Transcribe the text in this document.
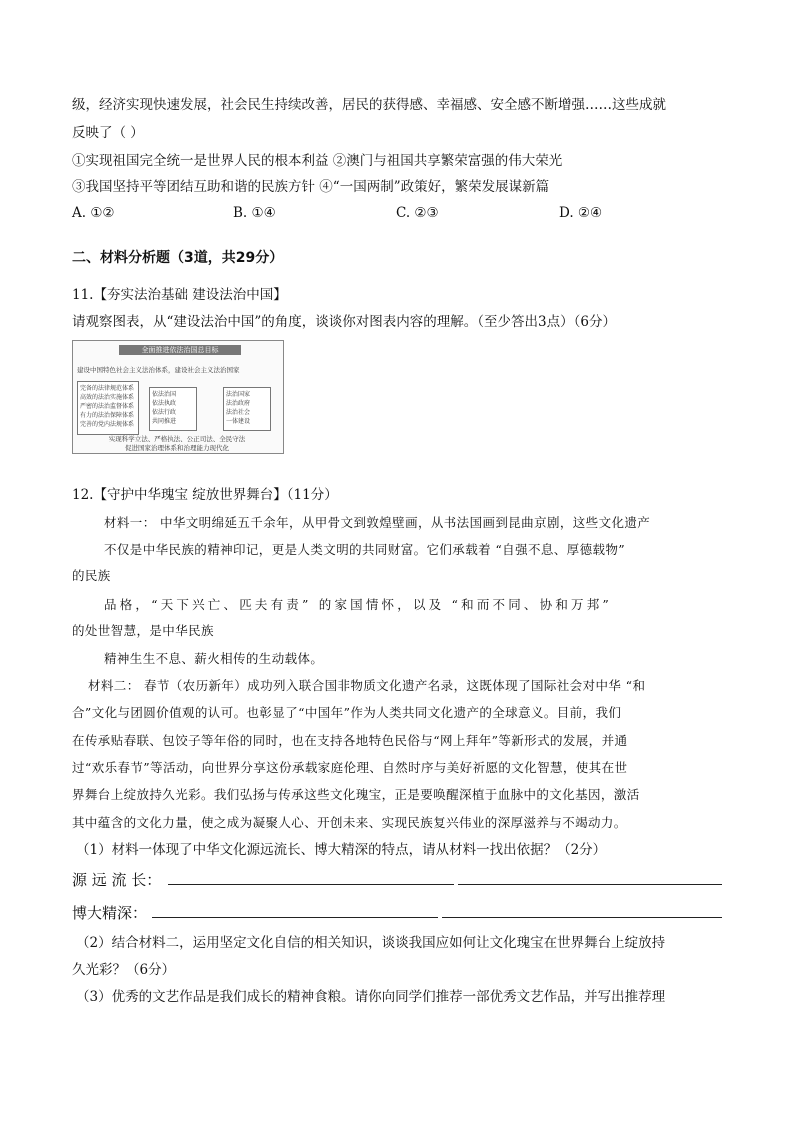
级，经济实现快速发展，社会民生持续改善，居民的获得感、幸福感、安全感不断增强……这些成就
反映了（ ）
①实现祖国完全统一是世界人民的根本利益 ②澳门与祖国共享繁荣富强的伟大荣光
③我国坚持平等团结互助和谐的民族方针 ④“一国两制”政策好，繁荣发展谋新篇
A. ①②	B. ①④	C. ②③	D. ②④
二、材料分析题（3道，共29分）
11.【夯实法治基础 建设法治中国】
请观察图表，从“建设法治中国”的角度，谈谈你对图表内容的理解。（至少答出3点）（6分）
全面推进依法治国总目标
建设中国特色社会主义法治体系，建设社会主义法治国家
完备的法律规范体系
高效的法治实施体系
严密的法治监督体系
有力的法治保障体系
完善的党内法规体系
依法治国
依法执政
依法行政
共同推进
法治国家
法治政府
法治社会
一体建设
实现科学立法、严格执法、公正司法、全民守法
促进国家治理体系和治理能力现代化
12.【守护中华瑰宝 绽放世界舞台】（11分）
材料一： 中华文明绵延五千余年，从甲骨文到敦煌壁画，从书法国画到昆曲京剧，这些文化遗产
不仅是中华民族的精神印记，更是人类文明的共同财富。它们承载着 “自强不息、厚德载物”
的民族
品格，“天下兴亡、匹夫有责” 的家国情怀，以及 “和而不同、协和万邦”
的处世智慧，是中华民族
精神生生不息、薪火相传的生动载体。
材料二： 春节（农历新年）成功列入联合国非物质文化遗产名录，这既体现了国际社会对中华 “和
合”文化与团圆价值观的认可。也彰显了“中国年”作为人类共同文化遗产的全球意义。目前，我们
在传承贴春联、包饺子等年俗的同时，也在支持各地特色民俗与“网上拜年”等新形式的发展，并通
过“欢乐春节”等活动，向世界分享这份承载家庭伦理、自然时序与美好祈愿的文化智慧，使其在世
界舞台上绽放持久光彩。我们弘扬与传承这些文化瑰宝，正是要唤醒深植于血脉中的文化基因，激活
其中蕴含的文化力量，使之成为凝聚人心、开创未来、实现民族复兴伟业的深厚滋养与不竭动力。
（1）材料一体现了中华文化源远流长、博大精深的特点，请从材料一找出依据？（2分）
源 远 流 长：
博大精深：
（2）结合材料二，运用坚定文化自信的相关知识，谈谈我国应如何让文化瑰宝在世界舞台上绽放持
久光彩？（6分）
（3）优秀的文艺作品是我们成长的精神食粮。请你向同学们推荐一部优秀文艺作品，并写出推荐理
